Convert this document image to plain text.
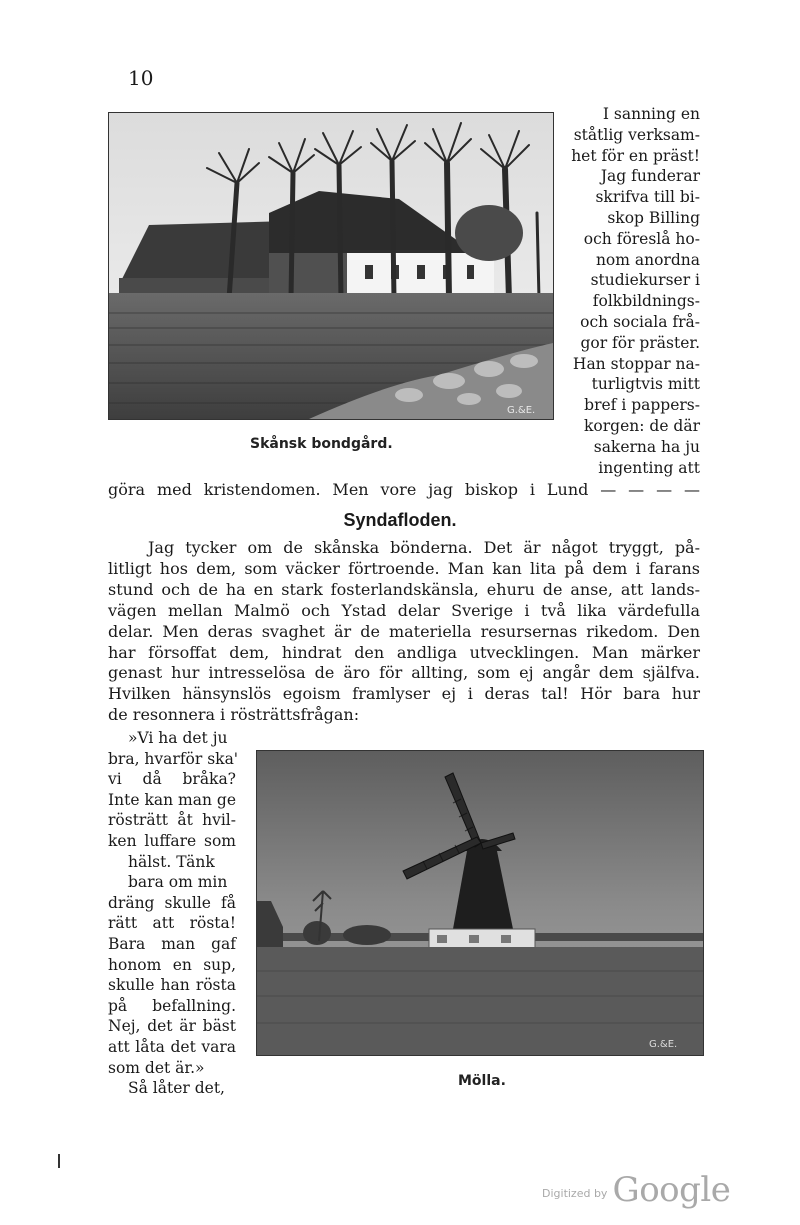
10
G.&E.
Skånsk bondgård.
I sanning en
ståtlig verksam-
het för en präst!
Jag funderar
skrifva till bi-
skop Billing
och föreslå ho-
nom anordna
studiekurser i
folkbildnings-
och sociala frå-
gor för präster.
Han stoppar na-
turligtvis mitt
bref i pappers-
korgen: de där
sakerna ha ju
ingenting att
göra med kristendomen. Men vore jag biskop i Lund — — — —
Syndafloden.
Jag tycker om de skånska bönderna. Det är något tryggt, på-
litligt hos dem, som väcker förtroende. Man kan lita på dem i farans
stund och de ha en stark fosterlandskänsla, ehuru de anse, att lands-
vägen mellan Malmö och Ystad delar Sverige i två lika värdefulla
delar. Men deras svaghet är de materiella resursernas rikedom. Den
har försoffat dem, hindrat den andliga utvecklingen. Man märker
genast hur intresselösa de äro för allting, som ej angår dem själfva.
Hvilken hänsynslös egoism framlyser ej i deras tal! Hör bara hur
de resonnera i rösträttsfrågan:
»Vi ha det ju
bra, hvarför ska'
vi då bråka?
Inte kan man ge
rösträtt åt hvil-
ken luffare som
hälst. Tänk
bara om min
dräng skulle få
rätt att rösta!
Bara man gaf
honom en sup,
skulle han rösta
på befallning.
Nej, det är bäst
att låta det vara
som det är.»
Så låter det,
G.&E.
Mölla.
$^{Digitized by}$ Google
